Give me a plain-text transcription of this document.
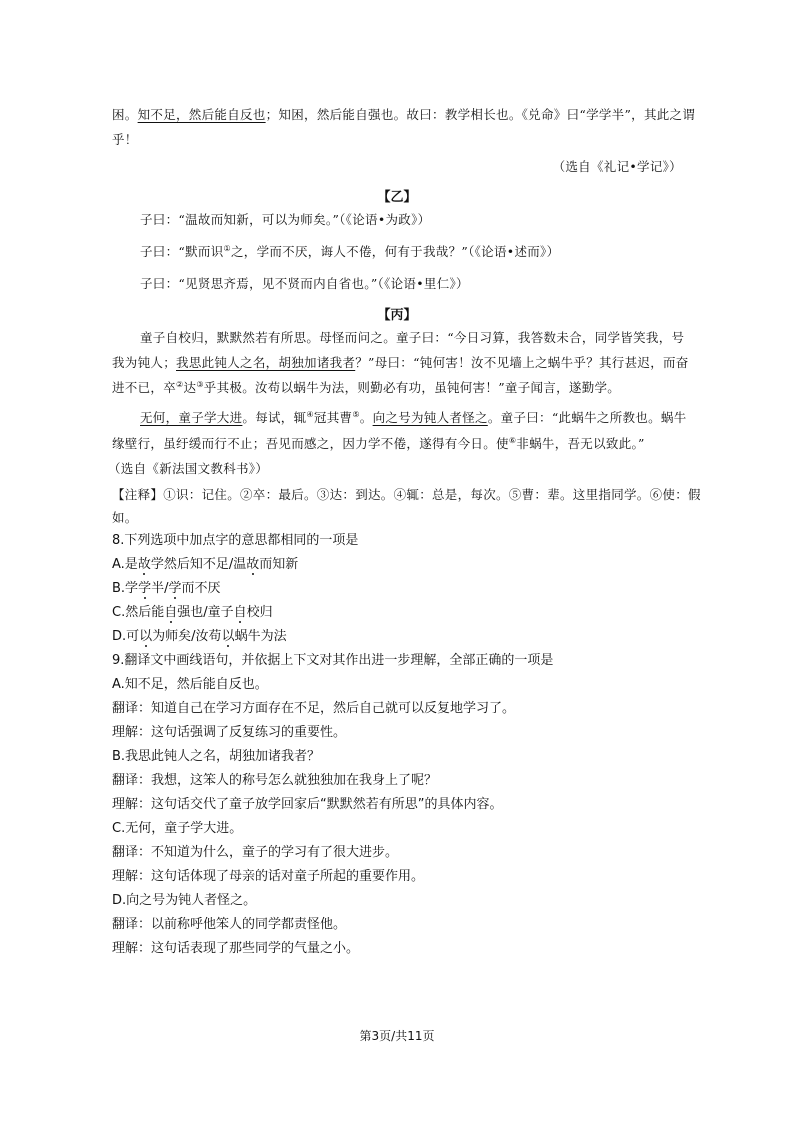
困。知不足，然后能自反也；知困，然后能自强也。故曰：教学相长也。《兑命》曰“学学半”，其此之谓
乎！
（选自《礼记•学记》）
【乙】
子曰：“温故而知新，可以为师矣。”（《论语•为政》）
子曰：“默而识①之，学而不厌，诲人不倦，何有于我哉？”（《论语•述而》）
子曰：“见贤思齐焉，见不贤而内自省也。”（《论语•里仁》）
【丙】
童子自校归，默默然若有所思。母怪而问之。童子曰：“今日习算，我答数未合，同学皆笑我，号
我为钝人；我思此钝人之名，胡独加诸我者？”母曰：“钝何害！汝不见墙上之蜗牛乎？其行甚迟，而奋
进不已，卒②达③乎其极。汝苟以蜗牛为法，则勤必有功，虽钝何害！”童子闻言，遂勤学。
无何，童子学大进。每试，辄④冠其曹⑤。向之号为钝人者怪之。童子曰：“此蜗牛之所教也。蜗牛
缘壁行，虽纡缓而行不止；吾见而感之，因力学不倦，遂得有今日。使⑥非蜗牛，吾无以致此。”
（选自《新法国文教科书》）
【注释】①识：记住。②卒：最后。③达：到达。④辄：总是，每次。⑤曹：辈。这里指同学。⑥使：假
如。
8.下列选项中加点字的意思都相同的一项是
A.是故学然后知不足/温故而知新
B.学学半/学而不厌
C.然后能自强也/童子自校归
D.可以为师矣/汝苟以蜗牛为法
9.翻译文中画线语句，并依据上下文对其作出进一步理解，全部正确的一项是
A.知不足，然后能自反也。
翻译：知道自己在学习方面存在不足，然后自己就可以反复地学习了。
理解：这句话强调了反复练习的重要性。
B.我思此钝人之名，胡独加诸我者？
翻译：我想，这笨人的称号怎么就独独加在我身上了呢？
理解：这句话交代了童子放学回家后“默默然若有所思”的具体内容。
C.无何，童子学大进。
翻译：不知道为什么，童子的学习有了很大进步。
理解：这句话体现了母亲的话对童子所起的重要作用。
D.向之号为钝人者怪之。
翻译：以前称呼他笨人的同学都责怪他。
理解：这句话表现了那些同学的气量之小。
第3页/共11页
